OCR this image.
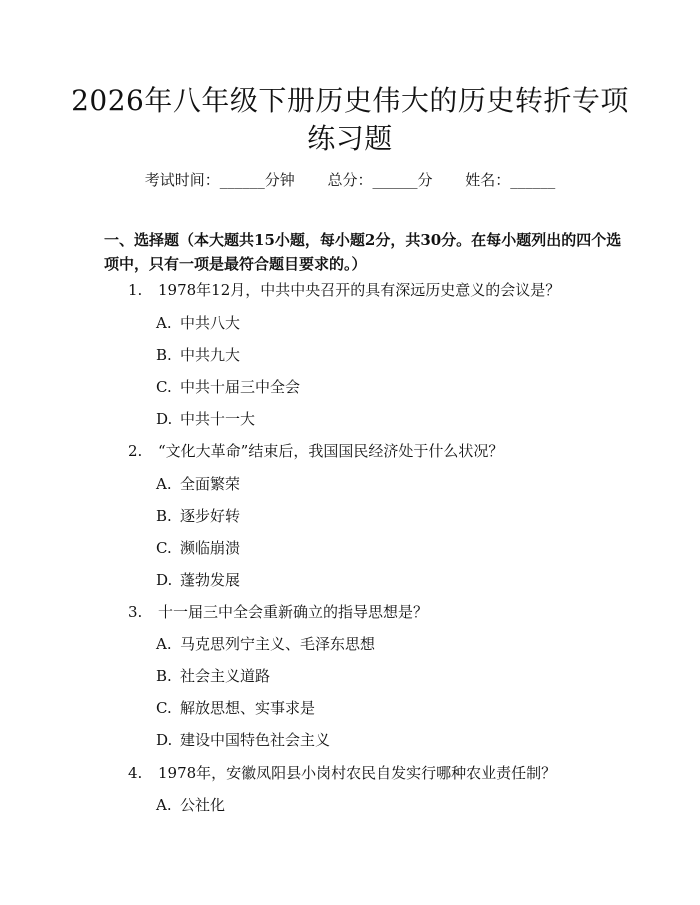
2026年八年级下册历史伟大的历史转折专项练习题
考试时间：______分钟 总分：______分 姓名：______
一、选择题（本大题共15小题，每小题2分，共30分。在每小题列出的四个选项中，只有一项是最符合题目要求的。）
1. 1978年12月，中共中央召开的具有深远历史意义的会议是？
A. 中共八大
B. 中共九大
C. 中共十届三中全会
D. 中共十一大
2. “文化大革命”结束后，我国国民经济处于什么状况？
A. 全面繁荣
B. 逐步好转
C. 濒临崩溃
D. 蓬勃发展
3. 十一届三中全会重新确立的指导思想是？
A. 马克思列宁主义、毛泽东思想
B. 社会主义道路
C. 解放思想、实事求是
D. 建设中国特色社会主义
4. 1978年，安徽凤阳县小岗村农民自发实行哪种农业责任制？
A. 公社化
